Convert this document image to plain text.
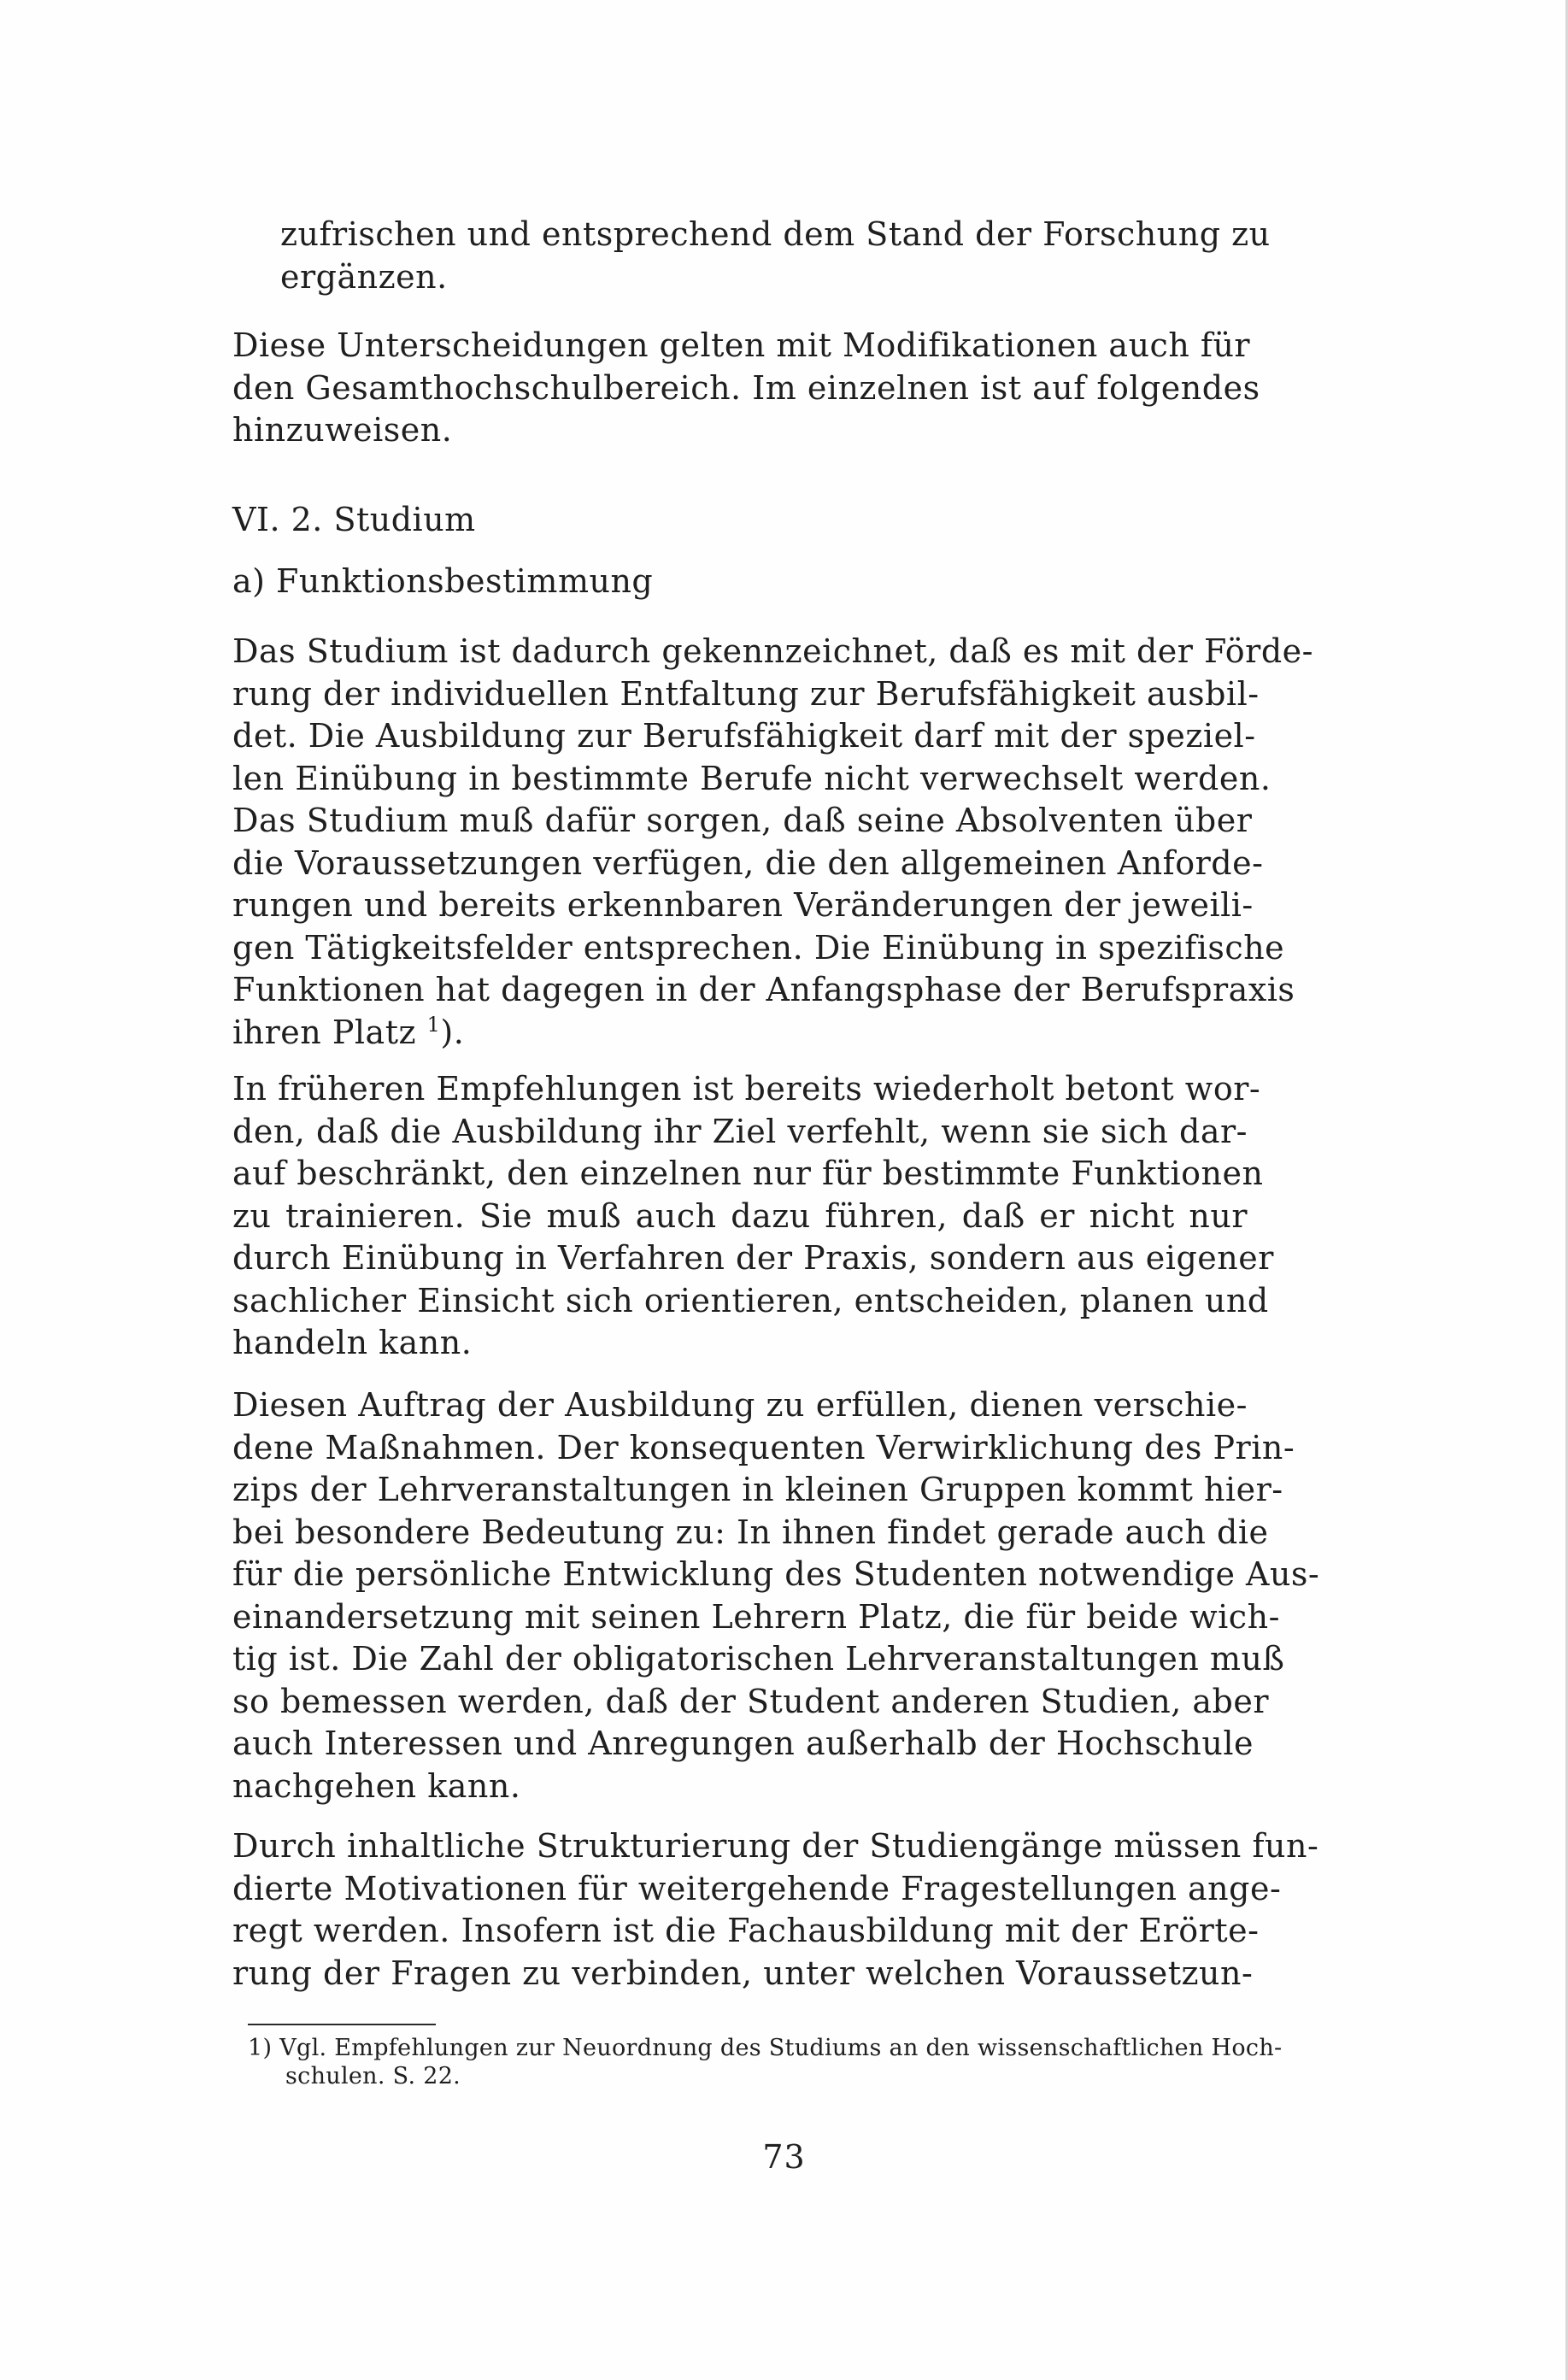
zufrischen und entsprechend dem Stand der Forschung zu
ergänzen.
Diese Unterscheidungen gelten mit Modifikationen auch für
den Gesamthochschulbereich. Im einzelnen ist auf folgendes
hinzuweisen.
VI. 2. Studium
a) Funktionsbestimmung
Das Studium ist dadurch gekennzeichnet, daß es mit der Förde-
rung der individuellen Entfaltung zur Berufsfähigkeit ausbil-
det. Die Ausbildung zur Berufsfähigkeit darf mit der speziel-
len Einübung in bestimmte Berufe nicht verwechselt werden.
Das Studium muß dafür sorgen, daß seine Absolventen über
die Voraussetzungen verfügen, die den allgemeinen Anforde-
rungen und bereits erkennbaren Veränderungen der jeweili-
gen Tätigkeitsfelder entsprechen. Die Einübung in spezifische
Funktionen hat dagegen in der Anfangsphase der Berufspraxis
ihren Platz $^1$).
In früheren Empfehlungen ist bereits wiederholt betont wor-
den, daß die Ausbildung ihr Ziel verfehlt, wenn sie sich dar-
auf beschränkt, den einzelnen nur für bestimmte Funktionen
zu trainieren. Sie muß auch dazu führen, daß er nicht nur
durch Einübung in Verfahren der Praxis, sondern aus eigener
sachlicher Einsicht sich orientieren, entscheiden, planen und
handeln kann.
Diesen Auftrag der Ausbildung zu erfüllen, dienen verschie-
dene Maßnahmen. Der konsequenten Verwirklichung des Prin-
zips der Lehrveranstaltungen in kleinen Gruppen kommt hier-
bei besondere Bedeutung zu: In ihnen findet gerade auch die
für die persönliche Entwicklung des Studenten notwendige Aus-
einandersetzung mit seinen Lehrern Platz, die für beide wich-
tig ist. Die Zahl der obligatorischen Lehrveranstaltungen muß
so bemessen werden, daß der Student anderen Studien, aber
auch Interessen und Anregungen außerhalb der Hochschule
nachgehen kann.
Durch inhaltliche Strukturierung der Studiengänge müssen fun-
dierte Motivationen für weitergehende Fragestellungen ange-
regt werden. Insofern ist die Fachausbildung mit der Erörte-
rung der Fragen zu verbinden, unter welchen Voraussetzun-
1) Vgl. Empfehlungen zur Neuordnung des Studiums an den wissenschaftlichen Hoch-
schulen. S. 22.
73
